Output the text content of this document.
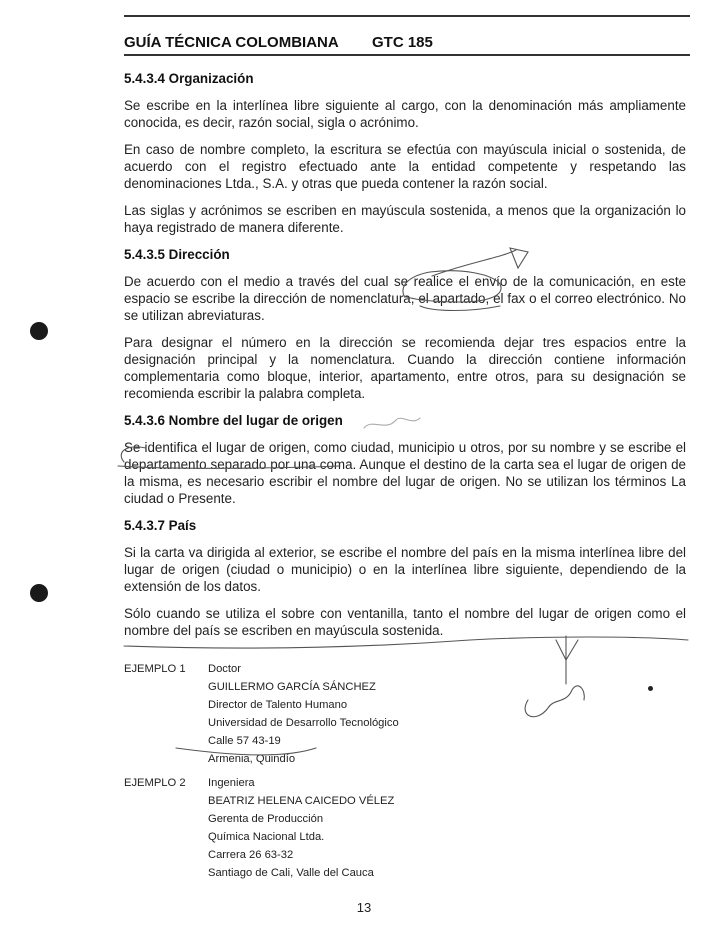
GUÍA TÉCNICA COLOMBIANA GTC 185
5.4.3.4 Organización

Se escribe en la interlínea libre siguiente al cargo, con la denominación más ampliamente conocida, es decir, razón social, sigla o acrónimo.

En caso de nombre completo, la escritura se efectúa con mayúscula inicial o sostenida, de acuerdo con el registro efectuado ante la entidad competente y respetando las denominaciones Ltda., S.A. y otras que pueda contener la razón social.

Las siglas y acrónimos se escriben en mayúscula sostenida, a menos que la organización lo haya registrado de manera diferente.

5.4.3.5 Dirección

De acuerdo con el medio a través del cual se realice el envío de la comunicación, en este espacio se escribe la dirección de nomenclatura, el apartado, el fax o el correo electrónico. No se utilizan abreviaturas.

Para designar el número en la dirección se recomienda dejar tres espacios entre la designación principal y la nomenclatura. Cuando la dirección contiene información complementaria como bloque, interior, apartamento, entre otros, para su designación se recomienda escribir la palabra completa.

5.4.3.6 Nombre del lugar de origen

Se identifica el lugar de origen, como ciudad, municipio u otros, por su nombre y se escribe el departamento separado por una coma. Aunque el destino de la carta sea el lugar de origen de la misma, es necesario escribir el nombre del lugar de origen. No se utilizan los términos La ciudad o Presente.

5.4.3.7 País

Si la carta va dirigida al exterior, se escribe el nombre del país en la misma interlínea libre del lugar de origen (ciudad o municipio) o en la interlínea libre siguiente, dependiendo de la extensión de los datos.

Sólo cuando se utiliza el sobre con ventanilla, tanto el nombre del lugar de origen como el nombre del país se escriben en mayúscula sostenida.

EJEMPLO 1	Doctor
GUILLERMO GARCÍA SÁNCHEZ
Director de Talento Humano
Universidad de Desarrollo Tecnológico
Calle 57 43-19
Armenia, Quindío
EJEMPLO 2	Ingeniera
BEATRIZ HELENA CAICEDO VÉLEZ
Gerenta de Producción
Química Nacional Ltda.
Carrera 26 63-32
Santiago de Cali, Valle del Cauca
13
